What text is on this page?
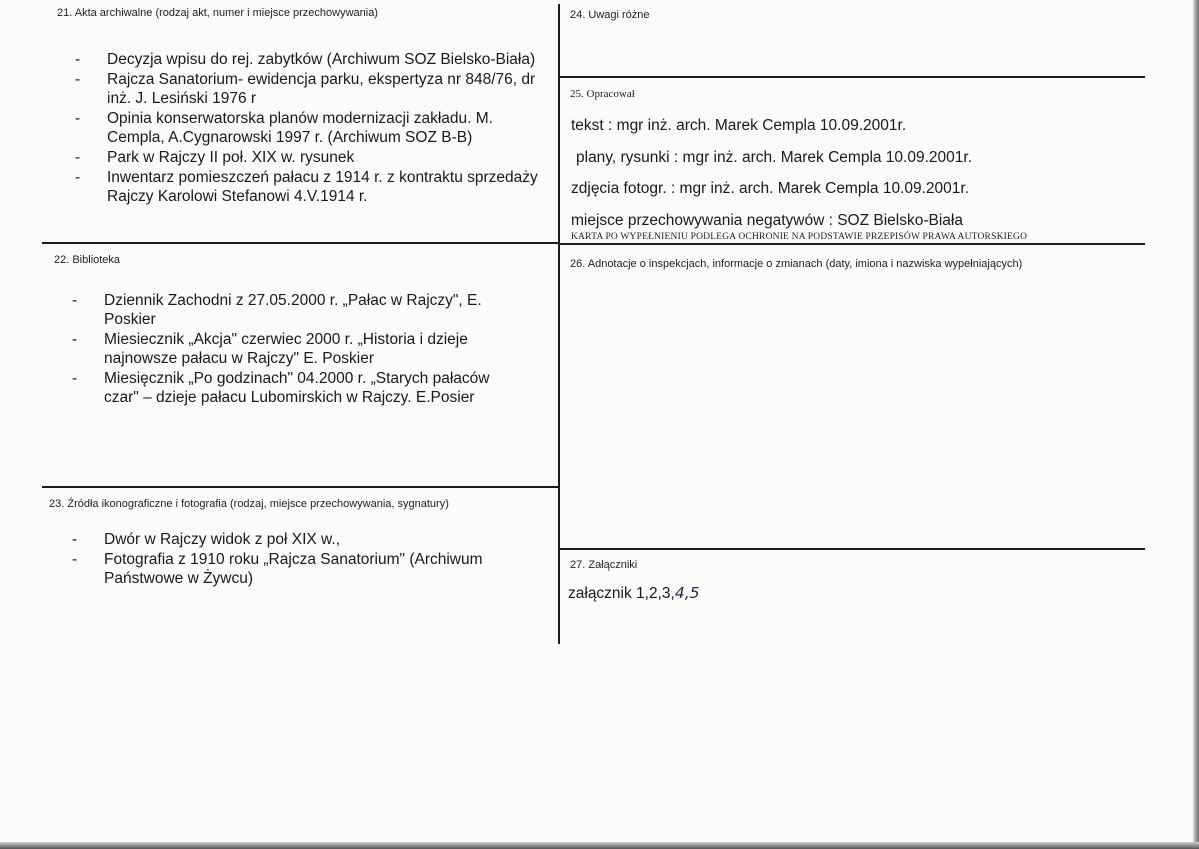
21. Akta archiwalne (rodzaj akt, numer i miejsce przechowywania)
- Decyzja wpisu do rej. zabytków (Archiwum SOZ Bielsko-Biała)
- Rajcza Sanatorium- ewidencja parku, ekspertyza nr 848/76, dr inż. J. Lesiński 1976 r
- Opinia konserwatorska planów modernizacji zakładu. M. Cempla, A.Cygnarowski 1997 r. (Archiwum SOZ B-B)
- Park w Rajczy II poł. XIX w. rysunek
- Inwentarz pomieszczeń pałacu z 1914 r. z kontraktu sprzedaży Rajczy Karolowi Stefanowi 4.V.1914 r.
22. Biblioteka
- Dziennik Zachodni z 27.05.2000 r. „Pałac w Rajczy", E. Poskier
- Miesiecznik „Akcja" czerwiec 2000 r. „Historia i dzieje najnowsze pałacu w Rajczy" E. Poskier
- Miesięcznik „Po godzinach" 04.2000 r. „Starych pałaców czar" – dzieje pałacu Lubomirskich w Rajczy. E.Posier
23. Źródła ikonograficzne i fotografia (rodzaj, miejsce przechowywania, sygnatury)
- Dwór w Rajczy widok z poł XIX w.,
- Fotografia z 1910 roku „Rajcza Sanatorium" (Archiwum Państwowe w Żywcu)
24. Uwagi różne
25. Opracował
tekst : mgr inż. arch. Marek Cempla 10.09.2001r.
plany, rysunki : mgr inż. arch. Marek Cempla 10.09.2001r.
zdjęcia fotogr. : mgr inż. arch. Marek Cempla 10.09.2001r.
miejsce przechowywania negatywów : SOZ Bielsko-Biała
KARTA PO WYPEŁNIENIU PODLEGA OCHRONIE NA PODSTAWIE PRZEPISÓW PRAWA AUTORSKIEGO
26. Adnotacje o inspekcjach, informacje o zmianach (daty, imiona i nazwiska wypełniających)
27. Załączniki
załącznik 1,2,3,4,5
